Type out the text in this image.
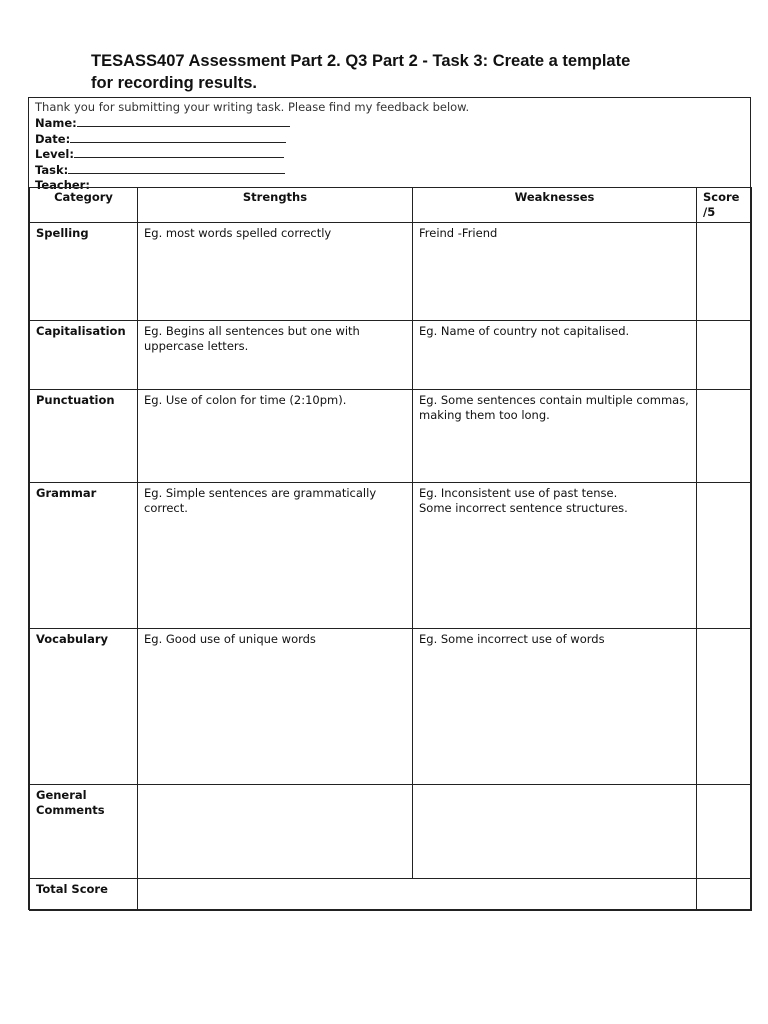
TESASS407 Assessment Part 2. Q3 Part 2 - Task 3: Create a template
for recording results.
Thank you for submitting your writing task. Please find my feedback below.
Name:
Date:
Level:
Task:
Teacher:
Category	Strengths	Weaknesses	Score
/5
Spelling	Eg. most words spelled correctly	Freind -Friend	
Capitalisation	Eg. Begins all sentences but one with uppercase letters.	Eg. Name of country not capitalised.	
Punctuation	Eg. Use of colon for time (2:10pm).	Eg. Some sentences contain multiple commas, making them too long.	
Grammar	Eg. Simple sentences are grammatically correct.	Eg. Inconsistent use of past tense.
Some incorrect sentence structures.	
Vocabulary	Eg. Good use of unique words	Eg. Some incorrect use of words	
General
Comments			
Total Score			
